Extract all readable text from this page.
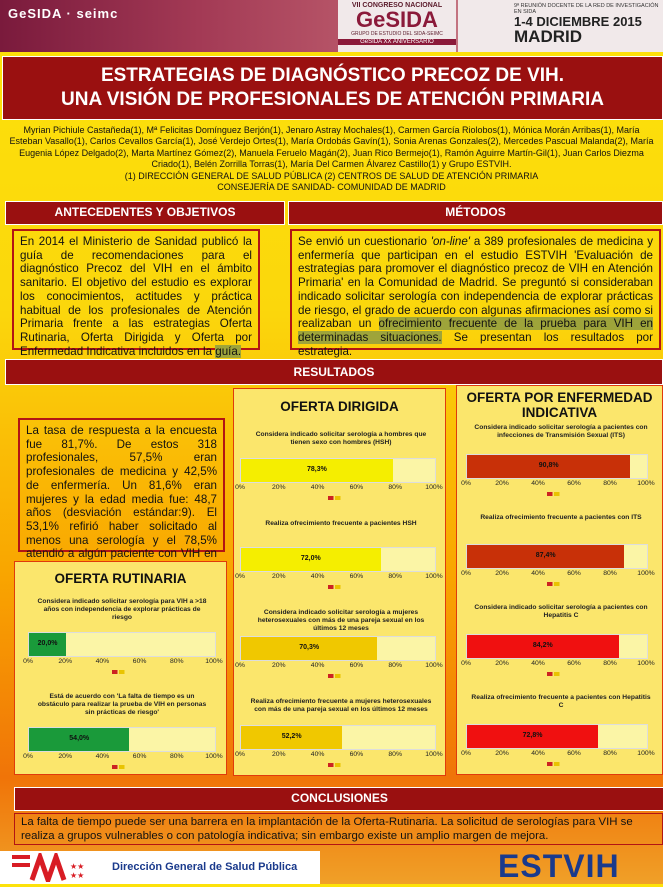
GeSIDA · seimc
VII CONGRESO NACIONAL
GeSIDA
GRUPO DE ESTUDIO DEL SIDA-SEIMC
GeSIDA XX ANIVERSARIO
9ª REUNIÓN DOCENTE DE LA RED DE INVESTIGACIÓN EN SIDA
1-4 DICIEMBRE 2015
MADRID
ESTRATEGIAS DE DIAGNÓSTICO PRECOZ DE VIH.
UNA VISIÓN DE PROFESIONALES DE ATENCIÓN PRIMARIA
Myrian Pichiule Castañeda(1), Mª Felicitas Domínguez Berjón(1), Jenaro Astray Mochales(1), Carmen García Riolobos(1), Mónica Morán Arribas(1), María Esteban Vasallo(1), Carlos Cevallos García(1), José Verdejo Ortes(1), María Ordobás Gavín(1), Sonia Arenas Gonzales(2), Mercedes Pascual Malanda(2), María Eugenia López Delgado(2), Marta Martínez Gómez(2), Manuela Feruelo Magán(2), Juan Rico Bermejo(1), Ramón Aguirre Martín-Gil(1), Juan Carlos Diezma Criado(1), Belén Zorrilla Torras(1), María Del Carmen Álvarez Castillo(1) y Grupo ESTVIH.
(1) DIRECCIÓN GENERAL DE SALUD PÚBLICA (2) CENTROS DE SALUD DE ATENCIÓN PRIMARIA
CONSEJERÍA DE SANIDAD- COMUNIDAD DE MADRID
ANTECEDENTES Y OBJETIVOS
En 2014 el Ministerio de Sanidad publicó la guía de recomendaciones para el diagnóstico Precoz del VIH en el ámbito sanitario. El objetivo del estudio es explorar los conocimientos, actitudes y práctica habitual de los profesionales de Atención Primaria frente a las estrategias Oferta Rutinaria, Oferta Dirigida y Oferta por Enfermedad Indicativa incluidos en la guía.
MÉTODOS
Se envió un cuestionario 'on-line' a 389 profesionales de medicina y enfermería que participan en el estudio ESTVIH 'Evaluación de estrategias para promover el diagnóstico precoz de VIH en Atención Primaria' en la Comunidad de Madrid. Se preguntó si consideraban indicado solicitar serología con independencia de explorar prácticas de riesgo, el grado de acuerdo con algunas afirmaciones así como si realizaban un ofrecimiento frecuente de la prueba para VIH en determinadas situaciones. Se presentan los resultados por estrategia.
RESULTADOS
La tasa de respuesta a la encuesta fue 81,7%. De estos 318 profesionales, 57,5% eran profesionales de medicina y 42,5% de enfermería. Un 81,6% eran mujeres y la edad media fue: 48,7 años (desviación estándar:9). El 53,1% refirió haber solicitado al menos una serología y el 78,5% atendió a algún paciente con VIH en
OFERTA RUTINARIA
Considera indicado solicitar serología para VIH a >18 años con independencia de explorar prácticas de riesgo
20,0%
0%	20%	40%	60%	80%	100%
Está de acuerdo con 'La falta de tiempo es un obstáculo para realizar la prueba de VIH en personas sin prácticas de riesgo'
54,0%
0%	20%	40%	60%	80%	100%
OFERTA DIRIGIDA
Considera indicado solicitar serología a hombres que tienen sexo con hombres (HSH)
78,3%
0%	20%	40%	60%	80%	100%
Realiza ofrecimiento frecuente a pacientes HSH
72,0%
0%	20%	40%	60%	80%	100%
Considera indicado solicitar serología a mujeres heterosexuales con más de una pareja sexual en los últimos 12 meses
70,3%
0%	20%	40%	60%	80%	100%
Realiza ofrecimiento frecuente a mujeres heterosexuales con más de una pareja sexual en los últimos 12 meses
52,2%
0%	20%	40%	60%	80%	100%
OFERTA POR ENFERMEDAD INDICATIVA
Considera indicado solicitar serología a pacientes con infecciones de Transmisión Sexual (ITS)
90,8%
0%	20%	40%	60%	80%	100%
Realiza ofrecimiento frecuente a pacientes con ITS
87,4%
0%	20%	40%	60%	80%	100%
Considera indicado solicitar serología a pacientes con Hepatitis C
84,2%
0%	20%	40%	60%	80%	100%
Realiza ofrecimiento frecuente a pacientes con Hepatitis C
72,8%
0%	20%	40%	60%	80%	100%
CONCLUSIONES
La falta de tiempo puede ser una barrera en la implantación de la Oferta-Rutinaria. La solicitud de serologías para VIH se realiza a grupos vulnerables o con patología indicativa; sin embargo existe un amplio margen de mejora.
★★
★★
Dirección General de Salud Pública	ESTVIH
